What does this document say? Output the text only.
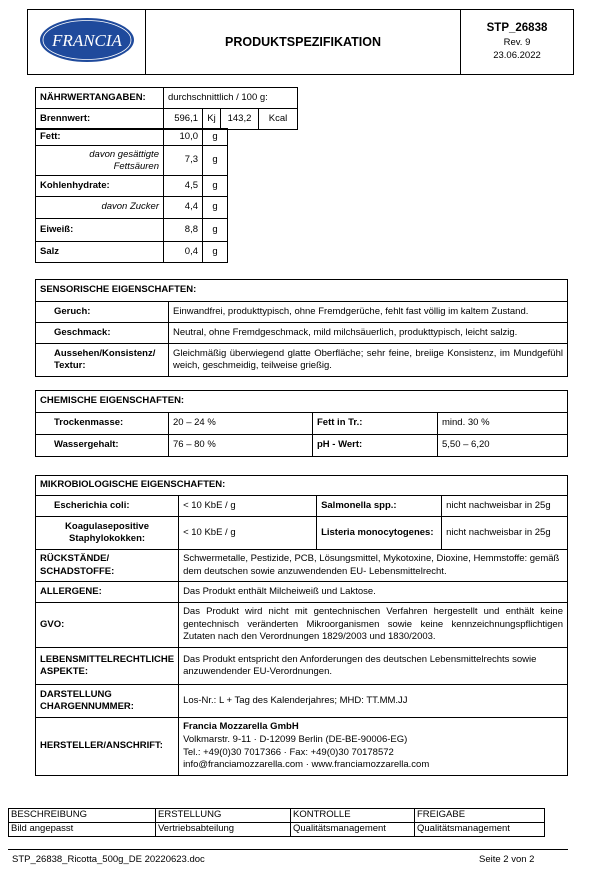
FRANCIA	PRODUKTSPEZIFIKATION	
STP_26838
Rev. 9
23.06.2022
NÄHRWERTANGABEN:	durchschnittlich / 100 g:			
Brennwert:	596,1	Kj	143,2	Kcal
Fett:	10,0	g
davon gesättigte Fettsäuren	7,3	g
Kohlenhydrate:	4,5	g
davon Zucker	4,4	g
Eiweiß:	8,8	g
Salz	0,4	g
SENSORISCHE EIGENSCHAFTEN:	
Geruch:	Einwandfrei, produkttypisch, ohne Fremdgerüche, fehlt fast völlig im kaltem Zustand.
Geschmack:	Neutral, ohne Fremdgeschmack, mild milchsäuerlich, produkttypisch, leicht salzig.
Aussehen/Konsistenz/ Textur:	Gleichmäßig überwiegend glatte Oberfläche; sehr feine, breiige Konsistenz, im Mundgefühl weich, geschmeidig, teilweise grießig.
CHEMISCHE EIGENSCHAFTEN:			
Trockenmasse:	20 – 24 %	Fett in Tr.:	mind. 30 %
Wassergehalt:	76 – 80 %	pH - Wert:	5,50 – 6,20
MIKROBIOLOGISCHE EIGENSCHAFTEN:			
Escherichia coli:	< 10 KbE / g	Salmonella spp.:	nicht nachweisbar in 25g
Koagulasepositive Staphylokokken:	< 10 KbE / g	Listeria monocytogenes:	nicht nachweisbar in 25g
RÜCKSTÄNDE/ SCHADSTOFFE:	Schwermetalle, Pestizide, PCB, Lösungsmittel, Mykotoxine, Dioxine, Hemmstoffe: gemäß dem deutschen sowie anzuwendenden EU- Lebensmittelrecht.		
ALLERGENE:	Das Produkt enthält Milcheiweiß und Laktose.		
GVO:	Das Produkt wird nicht mit gentechnischen Verfahren hergestellt und enthält keine gentechnisch veränderten Mikroorganismen sowie keine kennzeichnungspflichtigen Zutaten nach den Verordnungen 1829/2003 und 1830/2003.		
LEBENSMITTELRECHTLICHE ASPEKTE:	Das Produkt entspricht den Anforderungen des deutschen Lebensmittelrechts sowie anzuwendender EU-Verordnungen.		
DARSTELLUNG CHARGENNUMMER:	Los-Nr.: L + Tag des Kalenderjahres; MHD: TT.MM.JJ		
HERSTELLER/ANSCHRIFT:	Francia Mozzarella GmbH
Volkmarstr. 9-11 · D-12099 Berlin (DE-BE-90006-EG)
Tel.: +49(0)30 7017366 · Fax: +49(0)30 70178572
info@franciamozzarella.com · www.franciamozzarella.com		
BESCHREIBUNG	ERSTELLUNG	KONTROLLE	FREIGABE
Bild angepasst	Vertriebsabteilung	Qualitätsmanagement	Qualitätsmanagement
STP_26838_Ricotta_500g_DE 20220623.doc	Seite 2 von 2
